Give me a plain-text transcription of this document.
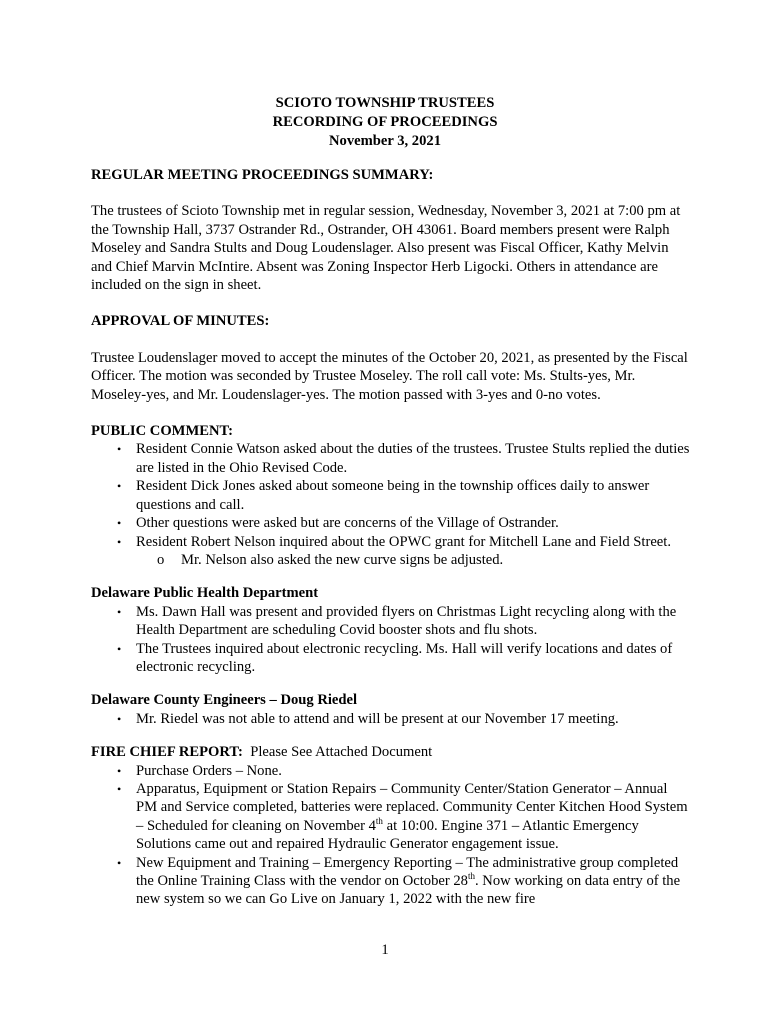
SCIOTO TOWNSHIP TRUSTEES
RECORDING OF PROCEEDINGS
November 3, 2021

REGULAR MEETING PROCEEDINGS SUMMARY:

The trustees of Scioto Township met in regular session, Wednesday, November 3, 2021 at 7:00 pm at the Township Hall, 3737 Ostrander Rd., Ostrander, OH 43061. Board members present were Ralph Moseley and Sandra Stults and Doug Loudenslager. Also present was Fiscal Officer, Kathy Melvin and Chief Marvin McIntire. Absent was Zoning Inspector Herb Ligocki. Others in attendance are included on the sign in sheet.

APPROVAL OF MINUTES:

Trustee Loudenslager moved to accept the minutes of the October 20, 2021, as presented by the Fiscal Officer. The motion was seconded by Trustee Moseley. The roll call vote: Ms. Stults-yes, Mr. Moseley-yes, and Mr. Loudenslager-yes. The motion passed with 3-yes and 0-no votes.

PUBLIC COMMENT:

• Resident Connie Watson asked about the duties of the trustees. Trustee Stults replied the duties are listed in the Ohio Revised Code.
• Resident Dick Jones asked about someone being in the township offices daily to answer questions and call.
• Other questions were asked but are concerns of the Village of Ostrander.
• Resident Robert Nelson inquired about the OPWC grant for Mitchell Lane and Field Street.
o Mr. Nelson also asked the new curve signs be adjusted.

Delaware Public Health Department

• Ms. Dawn Hall was present and provided flyers on Christmas Light recycling along with the Health Department are scheduling Covid booster shots and flu shots.
• The Trustees inquired about electronic recycling. Ms. Hall will verify locations and dates of electronic recycling.

Delaware County Engineers – Doug Riedel

• Mr. Riedel was not able to attend and will be present at our November 17 meeting.

FIRE CHIEF REPORT: Please See Attached Document

• Purchase Orders – None.
• Apparatus, Equipment or Station Repairs – Community Center/Station Generator – Annual PM and Service completed, batteries were replaced. Community Center Kitchen Hood System – Scheduled for cleaning on November 4th at 10:00. Engine 371 – Atlantic Emergency Solutions came out and repaired Hydraulic Generator engagement issue.
• New Equipment and Training – Emergency Reporting – The administrative group completed the Online Training Class with the vendor on October 28th. Now working on data entry of the new system so we can Go Live on January 1, 2022 with the new fire
1
